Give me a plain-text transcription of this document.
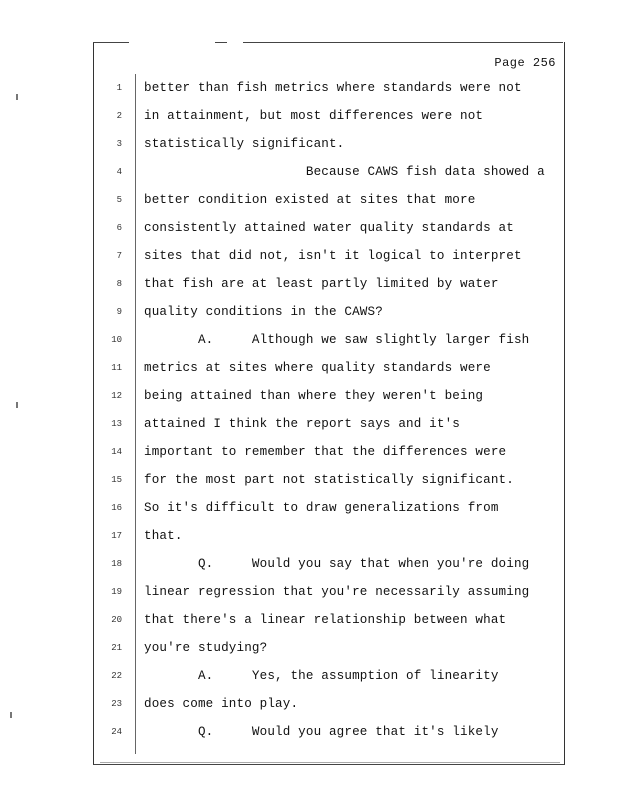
Page 256
1 better than fish metrics where standards were not
2 in attainment, but most differences were not
3 statistically significant.
4 Because CAWS fish data showed a
5 better condition existed at sites that more
6 consistently attained water quality standards at
7 sites that did not, isn't it logical to interpret
8 that fish are at least partly limited by water
9 quality conditions in the CAWS?
10 A.     Although we saw slightly larger fish
11 metrics at sites where quality standards were
12 being attained than where they weren't being
13 attained I think the report says and it's
14 important to remember that the differences were
15 for the most part not statistically significant.
16 So it's difficult to draw generalizations from
17 that.
18 Q.     Would you say that when you're doing
19 linear regression that you're necessarily assuming
20 that there's a linear relationship between what
21 you're studying?
22 A.     Yes, the assumption of linearity
23 does come into play.
24 Q.     Would you agree that it's likely
